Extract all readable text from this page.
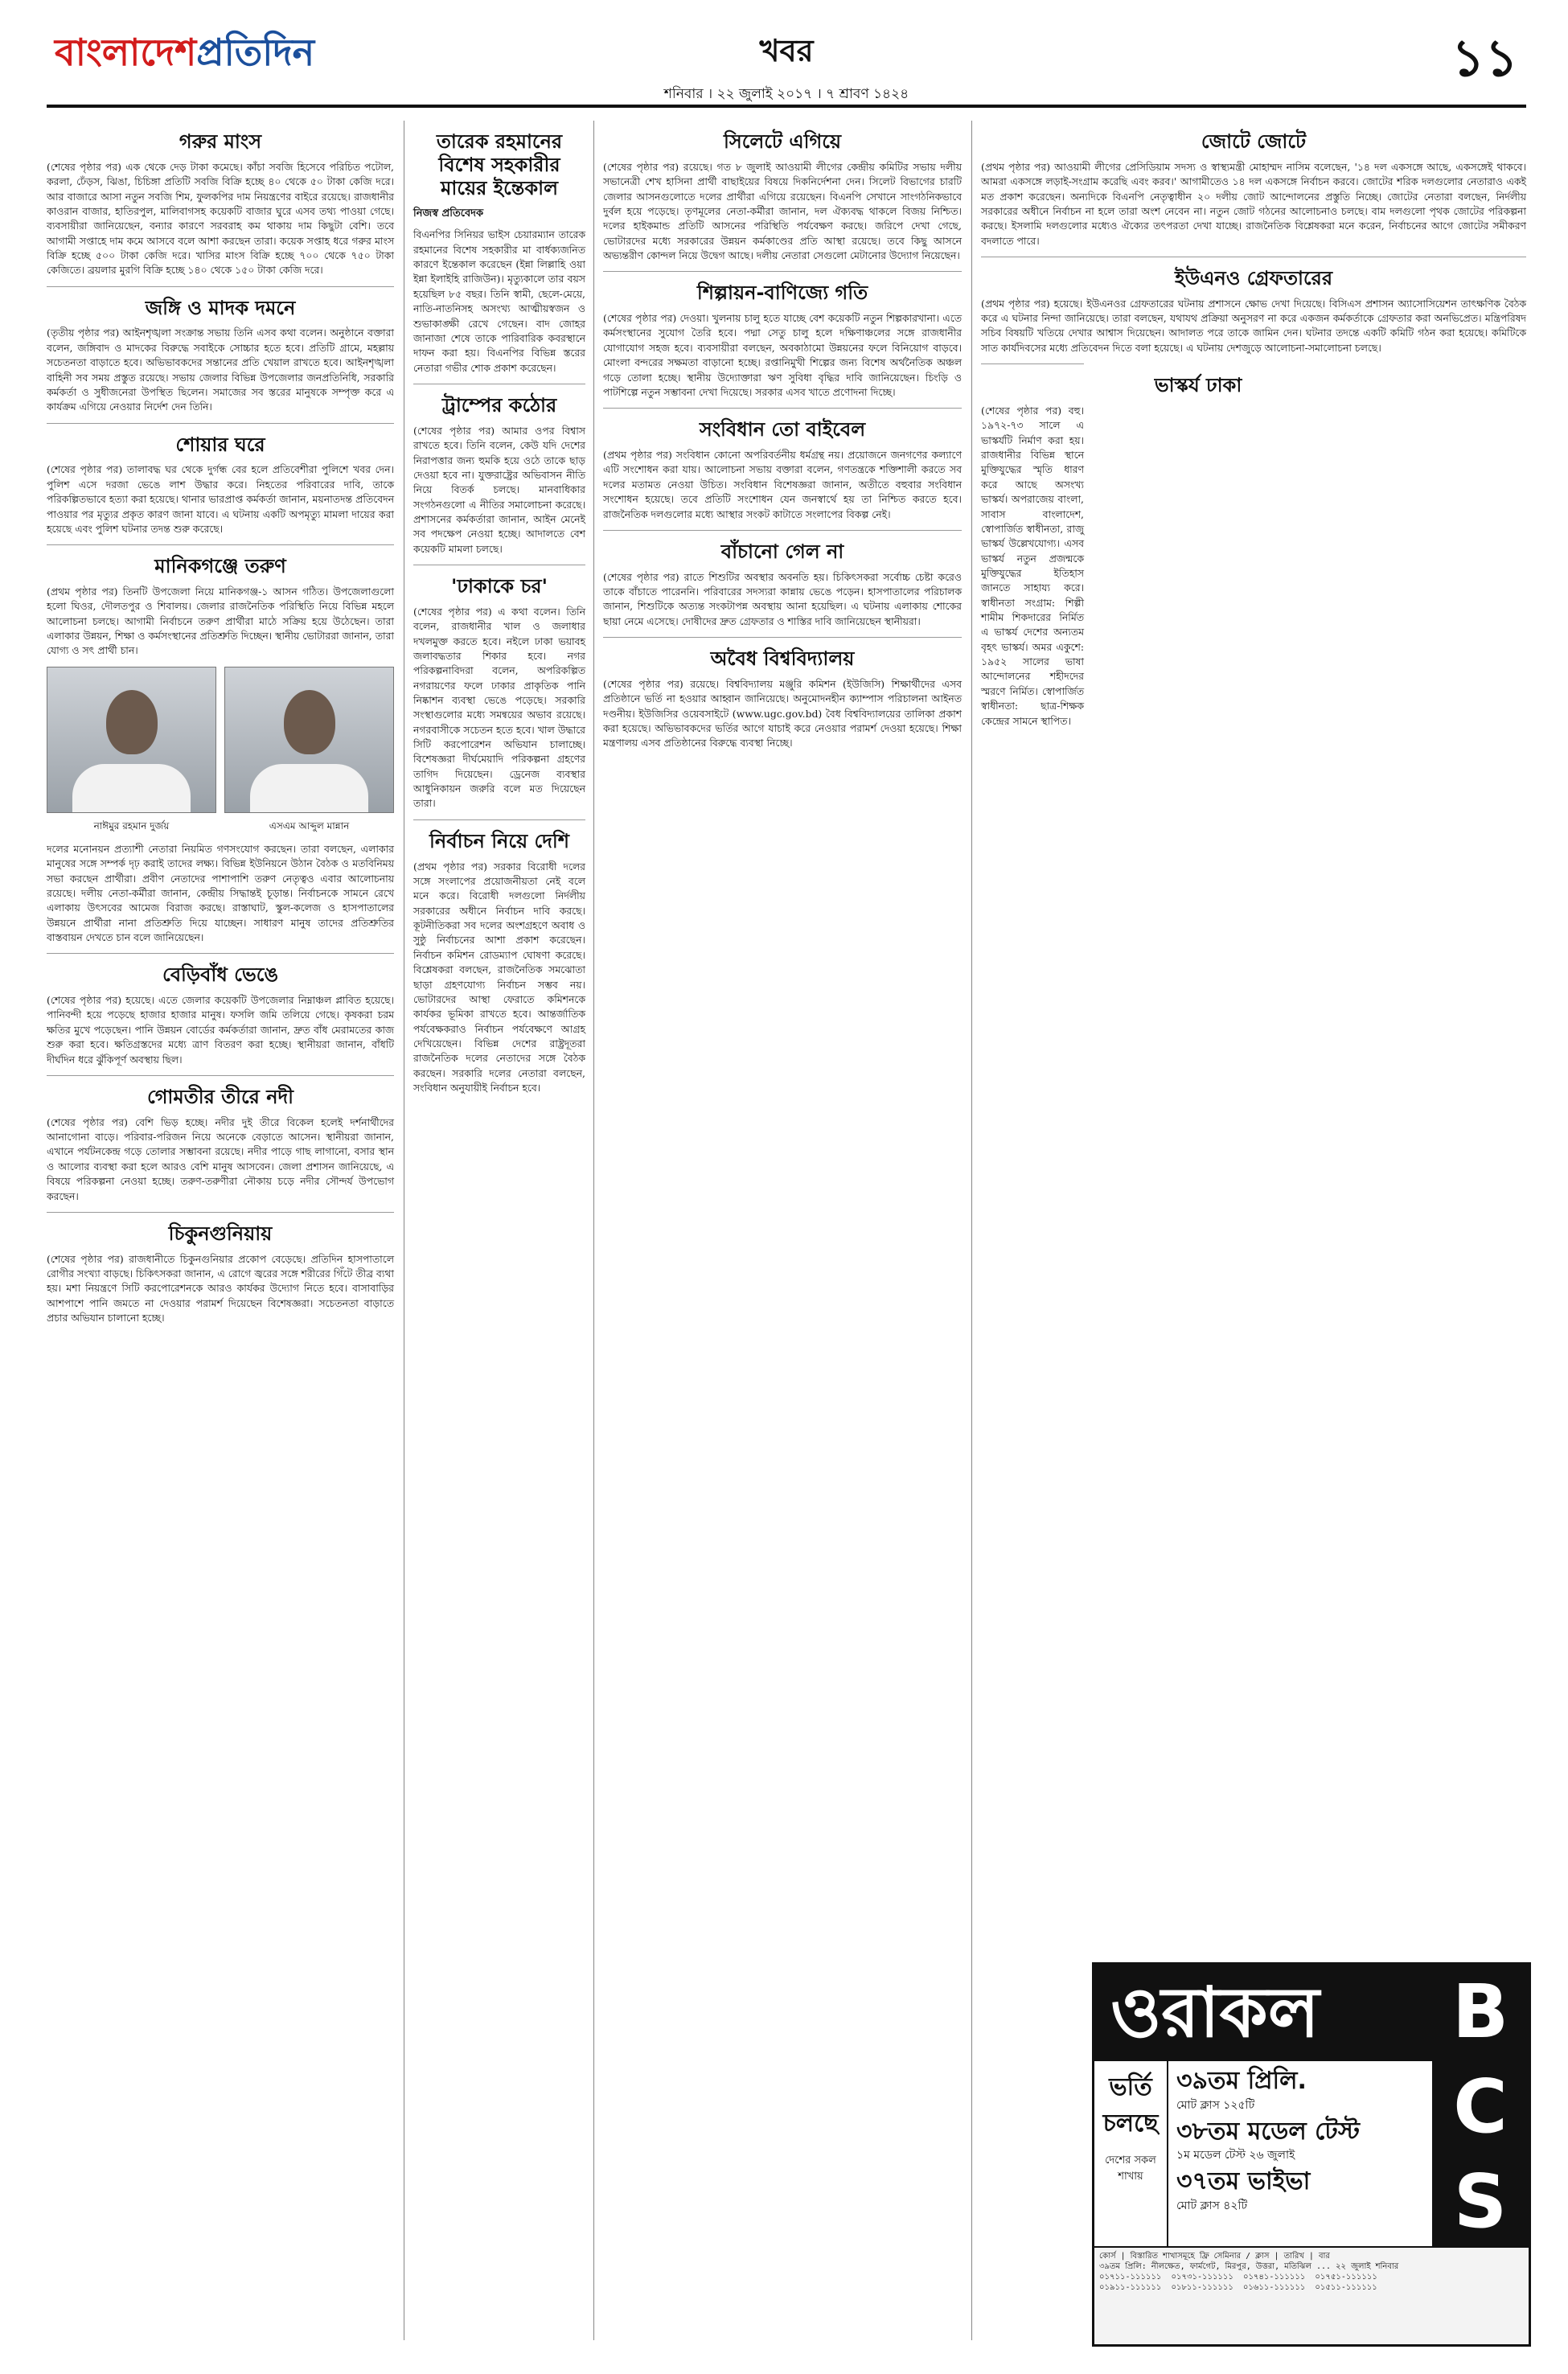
বাংলাদেশপ্রতিদিন	খবর	১১
শনিবার । ২২ জুলাই ২০১৭ । ৭ শ্রাবণ ১৪২৪
গরুর মাংস

(শেষের পৃষ্ঠার পর) এক থেকে দেড় টাকা কমেছে। কাঁচা সবজি হিসেবে পরিচিত পটোল, করলা, ঢেঁড়স, ঝিঙা, চিচিঙ্গা প্রতিটি সবজি বিক্রি হচ্ছে ৪০ থেকে ৫০ টাকা কেজি দরে। আর বাজারে আসা নতুন সবজি শিম, ফুলকপির দাম নিয়ন্ত্রণের বাইরে রয়েছে। রাজধানীর কাওরান বাজার, হাতিরপুল, মালিবাগসহ কয়েকটি বাজার ঘুরে এসব তথ্য পাওয়া গেছে। ব্যবসায়ীরা জানিয়েছেন, বন্যার কারণে সরবরাহ কম থাকায় দাম কিছুটা বেশি। তবে আগামী সপ্তাহে দাম কমে আসবে বলে আশা করছেন তারা। কয়েক সপ্তাহ ধরে গরুর মাংস বিক্রি হচ্ছে ৫০০ টাকা কেজি দরে। খাসির মাংস বিক্রি হচ্ছে ৭০০ থেকে ৭৫০ টাকা কেজিতে। ব্রয়লার মুরগি বিক্রি হচ্ছে ১৪০ থেকে ১৫০ টাকা কেজি দরে।

জঙ্গি ও মাদক দমনে

(তৃতীয় পৃষ্ঠার পর) আইনশৃঙ্খলা সংক্রান্ত সভায় তিনি এসব কথা বলেন। অনুষ্ঠানে বক্তারা বলেন, জঙ্গিবাদ ও মাদকের বিরুদ্ধে সবাইকে সোচ্চার হতে হবে। প্রতিটি গ্রামে, মহল্লায় সচেতনতা বাড়াতে হবে। অভিভাবকদের সন্তানের প্রতি খেয়াল রাখতে হবে। আইনশৃঙ্খলা বাহিনী সব সময় প্রস্তুত রয়েছে। সভায় জেলার বিভিন্ন উপজেলার জনপ্রতিনিধি, সরকারি কর্মকর্তা ও সুধীজনেরা উপস্থিত ছিলেন। সমাজের সব স্তরের মানুষকে সম্পৃক্ত করে এ কার্যক্রম এগিয়ে নেওয়ার নির্দেশ দেন তিনি।

শোয়ার ঘরে

(শেষের পৃষ্ঠার পর) তালাবদ্ধ ঘর থেকে দুর্গন্ধ বের হলে প্রতিবেশীরা পুলিশে খবর দেন। পুলিশ এসে দরজা ভেঙে লাশ উদ্ধার করে। নিহতের পরিবারের দাবি, তাকে পরিকল্পিতভাবে হত্যা করা হয়েছে। থানার ভারপ্রাপ্ত কর্মকর্তা জানান, ময়নাতদন্ত প্রতিবেদন পাওয়ার পর মৃত্যুর প্রকৃত কারণ জানা যাবে। এ ঘটনায় একটি অপমৃত্যু মামলা দায়ের করা হয়েছে এবং পুলিশ ঘটনার তদন্ত শুরু করেছে।

মানিকগঞ্জে তরুণ

(প্রথম পৃষ্ঠার পর) তিনটি উপজেলা নিয়ে মানিকগঞ্জ-১ আসন গঠিত। উপজেলাগুলো হলো ঘিওর, দৌলতপুর ও শিবালয়। জেলার রাজনৈতিক পরিস্থিতি নিয়ে বিভিন্ন মহলে আলোচনা চলছে। আগামী নির্বাচনে তরুণ প্রার্থীরা মাঠে সক্রিয় হয়ে উঠেছেন। তারা এলাকার উন্নয়ন, শিক্ষা ও কর্মসংস্থানের প্রতিশ্রুতি দিচ্ছেন। স্থানীয় ভোটাররা জানান, তারা যোগ্য ও সৎ প্রার্থী চান।

নাঈমুর রহমান দুর্জয়	এসএম আব্দুল মান্নান

দলের মনোনয়ন প্রত্যাশী নেতারা নিয়মিত গণসংযোগ করছেন। তারা বলছেন, এলাকার মানুষের সঙ্গে সম্পর্ক দৃঢ় করাই তাদের লক্ষ্য। বিভিন্ন ইউনিয়নে উঠান বৈঠক ও মতবিনিময় সভা করছেন প্রার্থীরা। প্রবীণ নেতাদের পাশাপাশি তরুণ নেতৃত্বও এবার আলোচনায় রয়েছে। দলীয় নেতা-কর্মীরা জানান, কেন্দ্রীয় সিদ্ধান্তই চূড়ান্ত। নির্বাচনকে সামনে রেখে এলাকায় উৎসবের আমেজ বিরাজ করছে। রাস্তাঘাট, স্কুল-কলেজ ও হাসপাতালের উন্নয়নে প্রার্থীরা নানা প্রতিশ্রুতি দিয়ে যাচ্ছেন। সাধারণ মানুষ তাদের প্রতিশ্রুতির বাস্তবায়ন দেখতে চান বলে জানিয়েছেন।

বেড়িবাঁধ ভেঙে

(শেষের পৃষ্ঠার পর) হয়েছে। এতে জেলার কয়েকটি উপজেলার নিম্নাঞ্চল প্লাবিত হয়েছে। পানিবন্দী হয়ে পড়েছে হাজার হাজার মানুষ। ফসলি জমি তলিয়ে গেছে। কৃষকরা চরম ক্ষতির মুখে পড়েছেন। পানি উন্নয়ন বোর্ডের কর্মকর্তারা জানান, দ্রুত বাঁধ মেরামতের কাজ শুরু করা হবে। ক্ষতিগ্রস্তদের মধ্যে ত্রাণ বিতরণ করা হচ্ছে। স্থানীয়রা জানান, বাঁধটি দীর্ঘদিন ধরে ঝুঁকিপূর্ণ অবস্থায় ছিল।

গোমতীর তীরে নদী

(শেষের পৃষ্ঠার পর) বেশি ভিড় হচ্ছে। নদীর দুই তীরে বিকেল হলেই দর্শনার্থীদের আনাগোনা বাড়ে। পরিবার-পরিজন নিয়ে অনেকে বেড়াতে আসেন। স্থানীয়রা জানান, এখানে পর্যটনকেন্দ্র গড়ে তোলার সম্ভাবনা রয়েছে। নদীর পাড়ে গাছ লাগানো, বসার স্থান ও আলোর ব্যবস্থা করা হলে আরও বেশি মানুষ আসবেন। জেলা প্রশাসন জানিয়েছে, এ বিষয়ে পরিকল্পনা নেওয়া হচ্ছে। তরুণ-তরুণীরা নৌকায় চড়ে নদীর সৌন্দর্য উপভোগ করছেন।

চিকুনগুনিয়ায়

(শেষের পৃষ্ঠার পর) রাজধানীতে চিকুনগুনিয়ার প্রকোপ বেড়েছে। প্রতিদিন হাসপাতালে রোগীর সংখ্যা বাড়ছে। চিকিৎসকরা জানান, এ রোগে জ্বরের সঙ্গে শরীরের গিঁটে তীব্র ব্যথা হয়। মশা নিয়ন্ত্রণে সিটি করপোরেশনকে আরও কার্যকর উদ্যোগ নিতে হবে। বাসাবাড়ির আশপাশে পানি জমতে না দেওয়ার পরামর্শ দিয়েছেন বিশেষজ্ঞরা। সচেতনতা বাড়াতে প্রচার অভিযান চালানো হচ্ছে।

তারেক রহমানের বিশেষ সহকারীর মায়ের ইন্তেকাল
নিজস্ব প্রতিবেদক

বিএনপির সিনিয়র ভাইস চেয়ারম্যান তারেক রহমানের বিশেষ সহকারীর মা বার্ধক্যজনিত কারণে ইন্তেকাল করেছেন (ইন্না লিল্লাহি ওয়া ইন্না ইলাইহি রাজিউন)। মৃত্যুকালে তার বয়স হয়েছিল ৮৫ বছর। তিনি স্বামী, ছেলে-মেয়ে, নাতি-নাতনিসহ অসংখ্য আত্মীয়স্বজন ও শুভাকাঙ্ক্ষী রেখে গেছেন। বাদ জোহর জানাজা শেষে তাকে পারিবারিক কবরস্থানে দাফন করা হয়। বিএনপির বিভিন্ন স্তরের নেতারা গভীর শোক প্রকাশ করেছেন।

ট্রাম্পের কঠোর

(শেষের পৃষ্ঠার পর) আমার ওপর বিশ্বাস রাখতে হবে। তিনি বলেন, কেউ যদি দেশের নিরাপত্তার জন্য হুমকি হয়ে ওঠে তাকে ছাড় দেওয়া হবে না। যুক্তরাষ্ট্রের অভিবাসন নীতি নিয়ে বিতর্ক চলছে। মানবাধিকার সংগঠনগুলো এ নীতির সমালোচনা করেছে। প্রশাসনের কর্মকর্তারা জানান, আইন মেনেই সব পদক্ষেপ নেওয়া হচ্ছে। আদালতে বেশ কয়েকটি মামলা চলছে।

'ঢাকাকে চর'

(শেষের পৃষ্ঠার পর) এ কথা বলেন। তিনি বলেন, রাজধানীর খাল ও জলাধার দখলমুক্ত করতে হবে। নইলে ঢাকা ভয়াবহ জলাবদ্ধতার শিকার হবে। নগর পরিকল্পনাবিদরা বলেন, অপরিকল্পিত নগরায়ণের ফলে ঢাকার প্রাকৃতিক পানি নিষ্কাশন ব্যবস্থা ভেঙে পড়েছে। সরকারি সংস্থাগুলোর মধ্যে সমন্বয়ের অভাব রয়েছে। নগরবাসীকে সচেতন হতে হবে। খাল উদ্ধারে সিটি করপোরেশন অভিযান চালাচ্ছে। বিশেষজ্ঞরা দীর্ঘমেয়াদি পরিকল্পনা গ্রহণের তাগিদ দিয়েছেন। ড্রেনেজ ব্যবস্থার আধুনিকায়ন জরুরি বলে মত দিয়েছেন তারা।

নির্বাচন নিয়ে দেশি

(প্রথম পৃষ্ঠার পর) সরকার বিরোধী দলের সঙ্গে সংলাপের প্রয়োজনীয়তা নেই বলে মনে করে। বিরোধী দলগুলো নির্দলীয় সরকারের অধীনে নির্বাচন দাবি করছে। কূটনীতিকরা সব দলের অংশগ্রহণে অবাধ ও সুষ্ঠু নির্বাচনের আশা প্রকাশ করেছেন। নির্বাচন কমিশন রোডম্যাপ ঘোষণা করেছে। বিশ্লেষকরা বলছেন, রাজনৈতিক সমঝোতা ছাড়া গ্রহণযোগ্য নির্বাচন সম্ভব নয়। ভোটারদের আস্থা ফেরাতে কমিশনকে কার্যকর ভূমিকা রাখতে হবে। আন্তর্জাতিক পর্যবেক্ষকরাও নির্বাচন পর্যবেক্ষণে আগ্রহ দেখিয়েছেন। বিভিন্ন দেশের রাষ্ট্রদূতরা রাজনৈতিক দলের নেতাদের সঙ্গে বৈঠক করছেন। সরকারি দলের নেতারা বলছেন, সংবিধান অনুযায়ীই নির্বাচন হবে।

সিলেটে এগিয়ে

(শেষের পৃষ্ঠার পর) রয়েছে। গত ৮ জুলাই আওয়ামী লীগের কেন্দ্রীয় কমিটির সভায় দলীয় সভানেত্রী শেখ হাসিনা প্রার্থী বাছাইয়ের বিষয়ে দিকনির্দেশনা দেন। সিলেট বিভাগের চারটি জেলার আসনগুলোতে দলের প্রার্থীরা এগিয়ে রয়েছেন। বিএনপি সেখানে সাংগঠনিকভাবে দুর্বল হয়ে পড়েছে। তৃণমূলের নেতা-কর্মীরা জানান, দল ঐক্যবদ্ধ থাকলে বিজয় নিশ্চিত। দলের হাইকমান্ড প্রতিটি আসনের পরিস্থিতি পর্যবেক্ষণ করছে। জরিপে দেখা গেছে, ভোটারদের মধ্যে সরকারের উন্নয়ন কর্মকাণ্ডের প্রতি আস্থা রয়েছে। তবে কিছু আসনে অভ্যন্তরীণ কোন্দল নিয়ে উদ্বেগ আছে। দলীয় নেতারা সেগুলো মেটানোর উদ্যোগ নিয়েছেন।

শিল্পায়ন-বাণিজ্যে গতি

(শেষের পৃষ্ঠার পর) দেওয়া। খুলনায় চালু হতে যাচ্ছে বেশ কয়েকটি নতুন শিল্পকারখানা। এতে কর্মসংস্থানের সুযোগ তৈরি হবে। পদ্মা সেতু চালু হলে দক্ষিণাঞ্চলের সঙ্গে রাজধানীর যোগাযোগ সহজ হবে। ব্যবসায়ীরা বলছেন, অবকাঠামো উন্নয়নের ফলে বিনিয়োগ বাড়বে। মোংলা বন্দরের সক্ষমতা বাড়ানো হচ্ছে। রপ্তানিমুখী শিল্পের জন্য বিশেষ অর্থনৈতিক অঞ্চল গড়ে তোলা হচ্ছে। স্থানীয় উদ্যোক্তারা ঋণ সুবিধা বৃদ্ধির দাবি জানিয়েছেন। চিংড়ি ও পাটশিল্পে নতুন সম্ভাবনা দেখা দিয়েছে। সরকার এসব খাতে প্রণোদনা দিচ্ছে।

সংবিধান তো বাইবেল

(প্রথম পৃষ্ঠার পর) সংবিধান কোনো অপরিবর্তনীয় ধর্মগ্রন্থ নয়। প্রয়োজনে জনগণের কল্যাণে এটি সংশোধন করা যায়। আলোচনা সভায় বক্তারা বলেন, গণতন্ত্রকে শক্তিশালী করতে সব দলের মতামত নেওয়া উচিত। সংবিধান বিশেষজ্ঞরা জানান, অতীতে বহুবার সংবিধান সংশোধন হয়েছে। তবে প্রতিটি সংশোধন যেন জনস্বার্থে হয় তা নিশ্চিত করতে হবে। রাজনৈতিক দলগুলোর মধ্যে আস্থার সংকট কাটাতে সংলাপের বিকল্প নেই।

বাঁচানো গেল না

(শেষের পৃষ্ঠার পর) রাতে শিশুটির অবস্থার অবনতি হয়। চিকিৎসকরা সর্বোচ্চ চেষ্টা করেও তাকে বাঁচাতে পারেননি। পরিবারের সদস্যরা কান্নায় ভেঙে পড়েন। হাসপাতালের পরিচালক জানান, শিশুটিকে অত্যন্ত সংকটাপন্ন অবস্থায় আনা হয়েছিল। এ ঘটনায় এলাকায় শোকের ছায়া নেমে এসেছে। দোষীদের দ্রুত গ্রেফতার ও শাস্তির দাবি জানিয়েছেন স্থানীয়রা।

অবৈধ বিশ্ববিদ্যালয়

(শেষের পৃষ্ঠার পর) রয়েছে। বিশ্ববিদ্যালয় মঞ্জুরি কমিশন (ইউজিসি) শিক্ষার্থীদের এসব প্রতিষ্ঠানে ভর্তি না হওয়ার আহ্বান জানিয়েছে। অনুমোদনহীন ক্যাম্পাস পরিচালনা আইনত দণ্ডনীয়। ইউজিসির ওয়েবসাইটে (www.ugc.gov.bd) বৈধ বিশ্ববিদ্যালয়ের তালিকা প্রকাশ করা হয়েছে। অভিভাবকদের ভর্তির আগে যাচাই করে নেওয়ার পরামর্শ দেওয়া হয়েছে। শিক্ষা মন্ত্রণালয় এসব প্রতিষ্ঠানের বিরুদ্ধে ব্যবস্থা নিচ্ছে।

জোটে জোটে

(প্রথম পৃষ্ঠার পর) আওয়ামী লীগের প্রেসিডিয়াম সদস্য ও স্বাস্থ্যমন্ত্রী মোহাম্মদ নাসিম বলেছেন, '১৪ দল একসঙ্গে আছে, একসঙ্গেই থাকবে। আমরা একসঙ্গে লড়াই-সংগ্রাম করেছি এবং করব।' আগামীতেও ১৪ দল একসঙ্গে নির্বাচন করবে। জোটের শরিক দলগুলোর নেতারাও একই মত প্রকাশ করেছেন। অন্যদিকে বিএনপি নেতৃত্বাধীন ২০ দলীয় জোট আন্দোলনের প্রস্তুতি নিচ্ছে। জোটের নেতারা বলছেন, নির্দলীয় সরকারের অধীনে নির্বাচন না হলে তারা অংশ নেবেন না। নতুন জোট গঠনের আলোচনাও চলছে। বাম দলগুলো পৃথক জোটের পরিকল্পনা করছে। ইসলামি দলগুলোর মধ্যেও ঐক্যের তৎপরতা দেখা যাচ্ছে। রাজনৈতিক বিশ্লেষকরা মনে করেন, নির্বাচনের আগে জোটের সমীকরণ বদলাতে পারে।

ইউএনও গ্রেফতারের

(প্রথম পৃষ্ঠার পর) হয়েছে। ইউএনওর গ্রেফতারের ঘটনায় প্রশাসনে ক্ষোভ দেখা দিয়েছে। বিসিএস প্রশাসন অ্যাসোসিয়েশন তাৎক্ষণিক বৈঠক করে এ ঘটনার নিন্দা জানিয়েছে। তারা বলছেন, যথাযথ প্রক্রিয়া অনুসরণ না করে একজন কর্মকর্তাকে গ্রেফতার করা অনভিপ্রেত। মন্ত্রিপরিষদ সচিব বিষয়টি খতিয়ে দেখার আশ্বাস দিয়েছেন। আদালত পরে তাকে জামিন দেন। ঘটনার তদন্তে একটি কমিটি গঠন করা হয়েছে। কমিটিকে সাত কার্যদিবসের মধ্যে প্রতিবেদন দিতে বলা হয়েছে। এ ঘটনায় দেশজুড়ে আলোচনা-সমালোচনা চলছে।

ভাস্কর্য ঢাকা

(শেষের পৃষ্ঠার পর) বহু। ১৯৭২-৭৩ সালে এ ভাস্কর্যটি নির্মাণ করা হয়। রাজধানীর বিভিন্ন স্থানে মুক্তিযুদ্ধের স্মৃতি ধারণ করে আছে অসংখ্য ভাস্কর্য। অপরাজেয় বাংলা, সাবাস বাংলাদেশ, স্বোপার্জিত স্বাধীনতা, রাজু ভাস্কর্য উল্লেখযোগ্য। এসব ভাস্কর্য নতুন প্রজন্মকে মুক্তিযুদ্ধের ইতিহাস জানতে সাহায্য করে। স্বাধীনতা সংগ্রাম: শিল্পী শামীম শিকদারের নির্মিত এ ভাস্কর্য দেশের অন্যতম বৃহৎ ভাস্কর্য। অমর একুশে: ১৯৫২ সালের ভাষা আন্দোলনের শহীদদের স্মরণে নির্মিত। স্বোপার্জিত স্বাধীনতা: ছাত্র-শিক্ষক কেন্দ্রের সামনে স্থাপিত।

ওরাকল	B
C
S
ভর্তি চলছে
দেশের সকল শাখায়
৩৯তম প্রিলি.
মোট ক্লাস ১২৫টি
৩৮তম মডেল টেস্ট
১ম মডেল টেস্ট ২৬ জুলাই
৩৭তম ভাইভা
মোট ক্লাস ৪২টি
কোর্স | বিস্তারিত শাখাসমূহে ফ্রি সেমিনার / ক্লাস | তারিখ | বার
৩৯তম প্রিলি: নীলক্ষেত, ফার্মগেট, মিরপুর, উত্তরা, মতিঝিল ... ২২ জুলাই শনিবার
০১৭১১-১১১১১১  ০১৭৩১-১১১১১১  ০১৭৪১-১১১১১১  ০১৭৫১-১১১১১১
০১৯১১-১১১১১১  ০১৮১১-১১১১১১  ০১৬১১-১১১১১১  ০১৫১১-১১১১১১
